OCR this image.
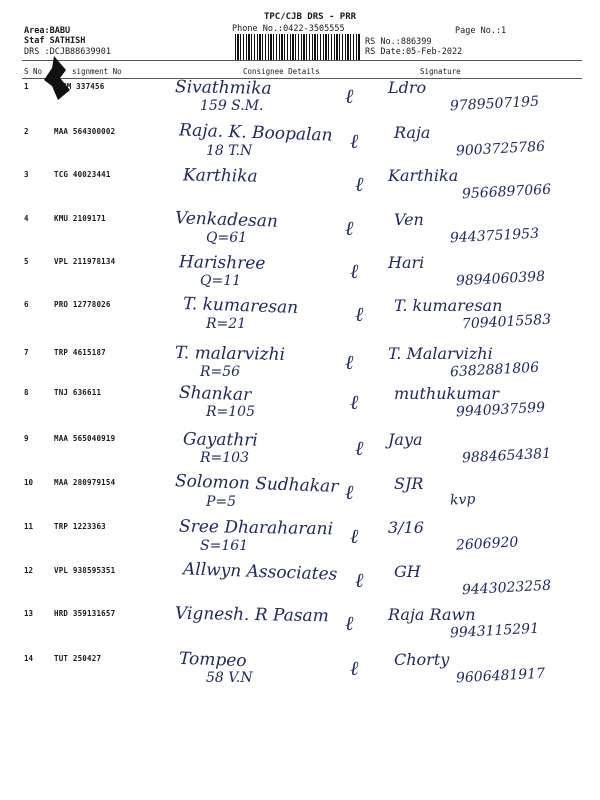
TPC/CJB DRS - PRR
Phone No.:0422-3505555	Page No.:1
RS No.:886399
RS Date:05-Feb-2022
Area:BABU
Staf SATHISH
DRS :DCJB88639901
S No	signment No	Consignee Details	Signature
1	PM 337456	Sivathmika
159 S.M.	ℓ Ldro
9789507195
2	MAA 564300002	Raja. K. Boopalan
18 T.N	ℓ Raja
9003725786
3	TCG 40023441	Karthika	ℓ Karthika
9566897066
4	KMU 2109171	Venkadesan
Q=61	ℓ	Ven
9443751953
5	VPL 211978134	Harishree
Q=11	ℓ Hari
9894060398
6	PRO 12778026	T. kumaresan
R=21	ℓ T. kumaresan
7094015583
7	TRP 4615187	T. malarvizhi
R=56	ℓ T. Malarvizhi
6382881806
8	TNJ 636611	Shankar
R=105	ℓ muthukumar
9940937599
9	MAA 565040919	Gayathri
R=103	ℓ Jaya
9884654381
10	MAA 280979154	Solomon Sudhakar
P=5	ℓ	SJR
kvp
11	TRP 1223363	Sree Dharaharani
S=161	ℓ 3/16
2606920
12	VPL 938595351	Allwyn Associates ℓ GH
9443023258
13	HRD 359131657	Vignesh. R Pasam ℓ Raja Rawn
9943115291
14	TUT 250427	Tompeo
58 V.N	ℓ Chorty
9606481917
